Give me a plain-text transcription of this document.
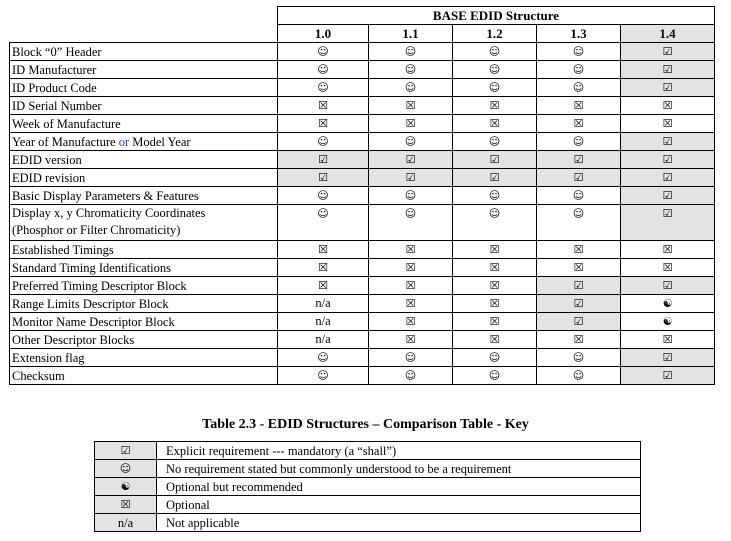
	BASE EDID Structure				
	1.0	1.1	1.2	1.3	1.4
Block “0” Header	☺	☺	☺	☺	☑
ID Manufacturer	☺	☺	☺	☺	☑
ID Product Code	☺	☺	☺	☺	☑
ID Serial Number	☒	☒	☒	☒	☒
Week of Manufacture	☒	☒	☒	☒	☒
Year of Manufacture or Model Year	☺	☺	☺	☺	☑
EDID version	☑	☑	☑	☑	☑
EDID revision	☑	☑	☑	☑	☑
Basic Display Parameters & Features	☺	☺	☺	☺	☑

Display x, y Chromaticity Coordinates
(Phosphor or Filter Chromaticity)	☺	☺	☺	☺	☑
Established Timings	☒	☒	☒	☒	☒
Standard Timing Identifications	☒	☒	☒	☒	☒
Preferred Timing Descriptor Block	☒	☒	☒	☑	☑
Range Limits Descriptor Block	n/a	☒	☒	☑	☯
Monitor Name Descriptor Block	n/a	☒	☒	☑	☯
Other Descriptor Blocks	n/a	☒	☒	☒	☒
Extension flag	☺	☺	☺	☺	☑
Checksum	☺	☺	☺	☺	☑
Table 2.3 - EDID Structures – Comparison Table - Key
☑	Explicit requirement --- mandatory (a “shall”)
☺	No requirement stated but commonly understood to be a requirement
☯	Optional but recommended
☒	Optional
n/a	Not applicable
